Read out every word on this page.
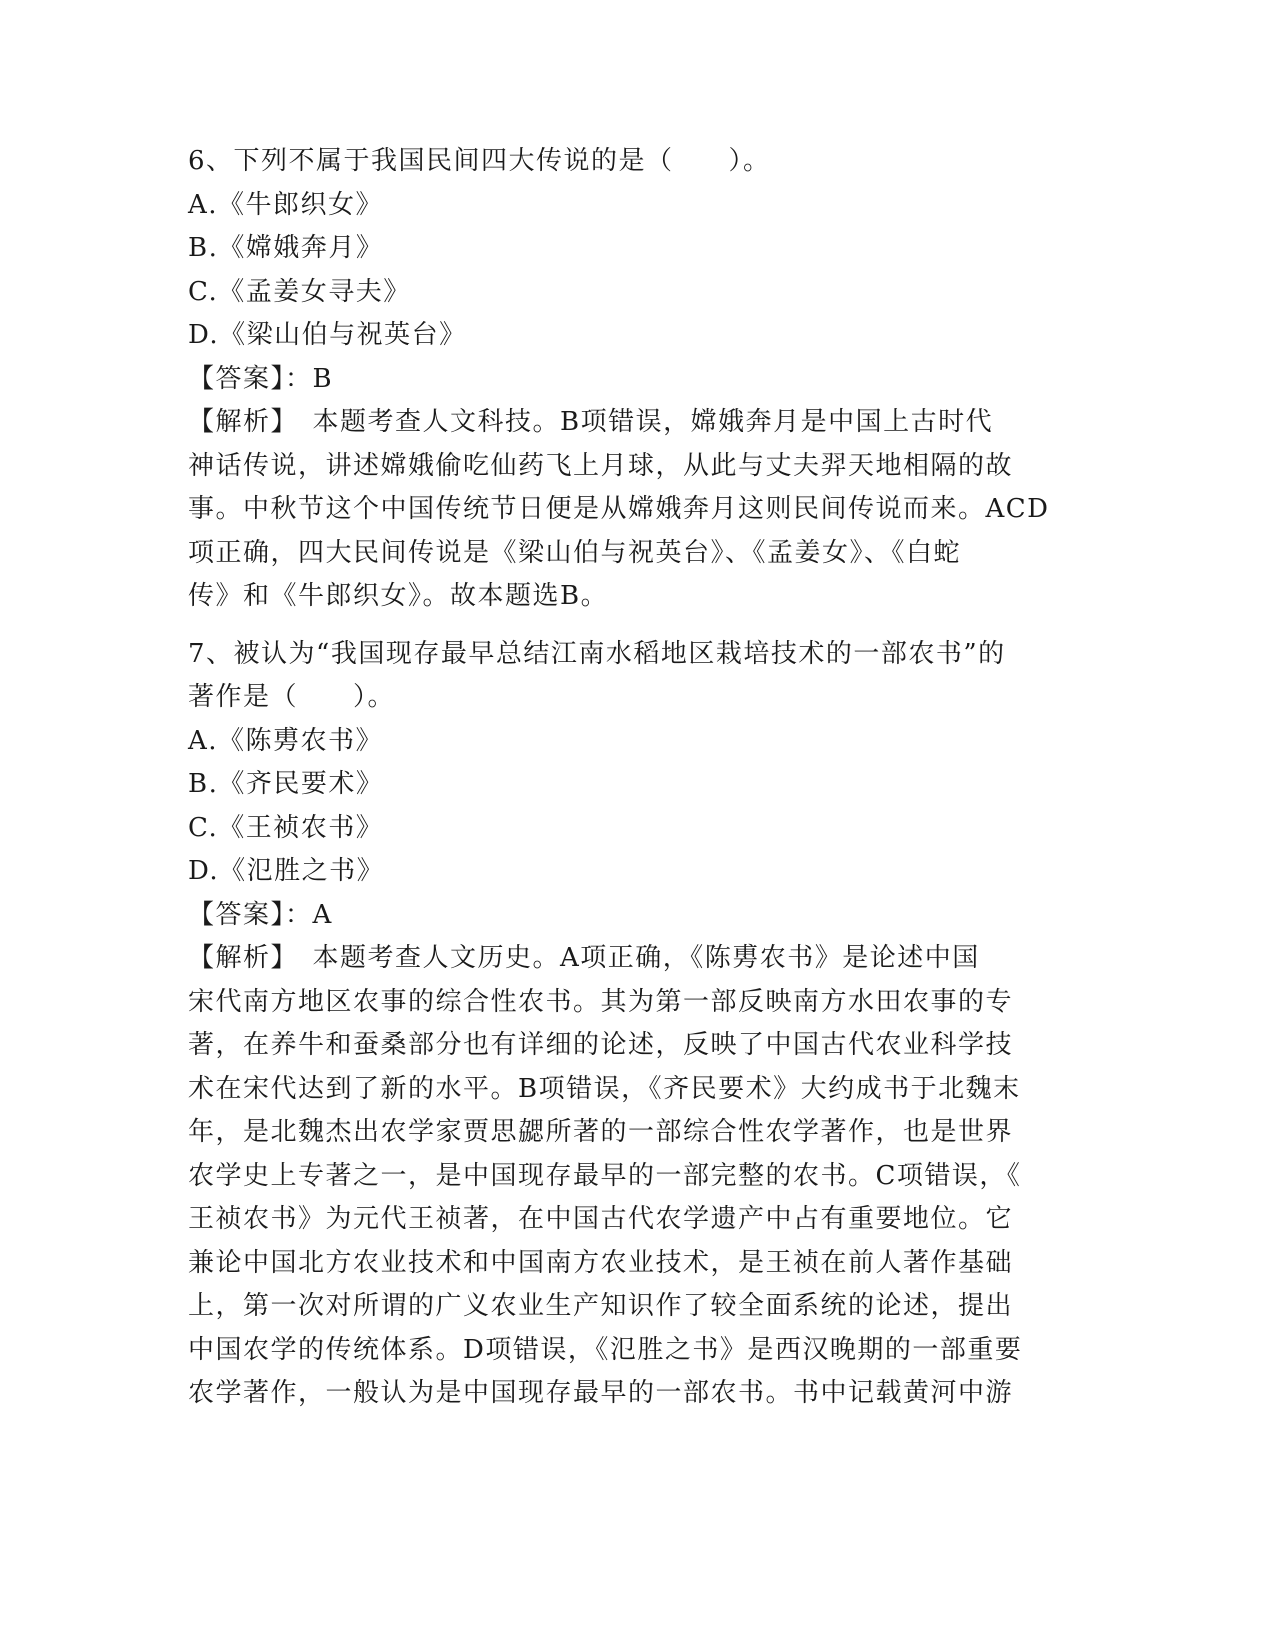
6、下列不属于我国民间四大传说的是（　　）。
A.《牛郎织女》
B.《嫦娥奔月》
C.《孟姜女寻夫》
D.《梁山伯与祝英台》
【答案】：B
【解析】　本题考查人文科技。B项错误，嫦娥奔月是中国上古时代
神话传说，讲述嫦娥偷吃仙药飞上月球，从此与丈夫羿天地相隔的故
事。中秋节这个中国传统节日便是从嫦娥奔月这则民间传说而来。ACD
项正确，四大民间传说是《梁山伯与祝英台》、《孟姜女》、《白蛇
传》和《牛郎织女》。故本题选B。
7、被认为“我国现存最早总结江南水稻地区栽培技术的一部农书”的
著作是（　　）。
A.《陈旉农书》
B.《齐民要术》
C.《王祯农书》
D.《氾胜之书》
【答案】：A
【解析】　本题考查人文历史。A项正确，《陈旉农书》是论述中国
宋代南方地区农事的综合性农书。其为第一部反映南方水田农事的专
著，在养牛和蚕桑部分也有详细的论述，反映了中国古代农业科学技
术在宋代达到了新的水平。B项错误，《齐民要术》大约成书于北魏末
年，是北魏杰出农学家贾思勰所著的一部综合性农学著作，也是世界
农学史上专著之一，是中国现存最早的一部完整的农书。C项错误，《
王祯农书》为元代王祯著，在中国古代农学遗产中占有重要地位。它
兼论中国北方农业技术和中国南方农业技术，是王祯在前人著作基础
上，第一次对所谓的广义农业生产知识作了较全面系统的论述，提出
中国农学的传统体系。D项错误，《氾胜之书》是西汉晚期的一部重要
农学著作，一般认为是中国现存最早的一部农书。书中记载黄河中游
